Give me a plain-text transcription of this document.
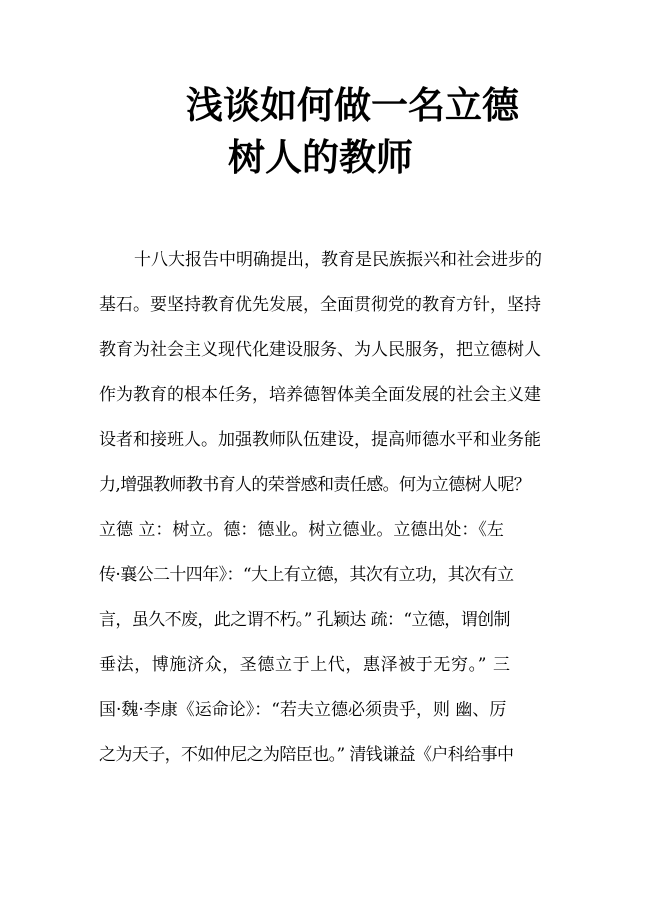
浅谈如何做一名立德
树人的教师
十八大报告中明确提出，教育是民族振兴和社会进步的
基石。要坚持教育优先发展，全面贯彻党的教育方针，坚持
教育为社会主义现代化建设服务、为人民服务，把立德树人
作为教育的根本任务，培养德智体美全面发展的社会主义建
设者和接班人。加强教师队伍建设，提高师德水平和业务能
力,增强教师教书育人的荣誉感和责任感。何为立德树人呢？
立德 立：树立。德：德业。树立德业。立德出处：《左
传·襄公二十四年》：“大上有立德，其次有立功，其次有立
言，虽久不废，此之谓不朽。” 孔颖达 疏：“立德，谓创制
垂法，博施济众，圣德立于上代，惠泽被于无穷。” 三
国·魏·李康《运命论》：“若夫立德必须贵乎，则 幽、厉
之为天子，不如仲尼之为陪臣也。” 清钱谦益《户科给事中
